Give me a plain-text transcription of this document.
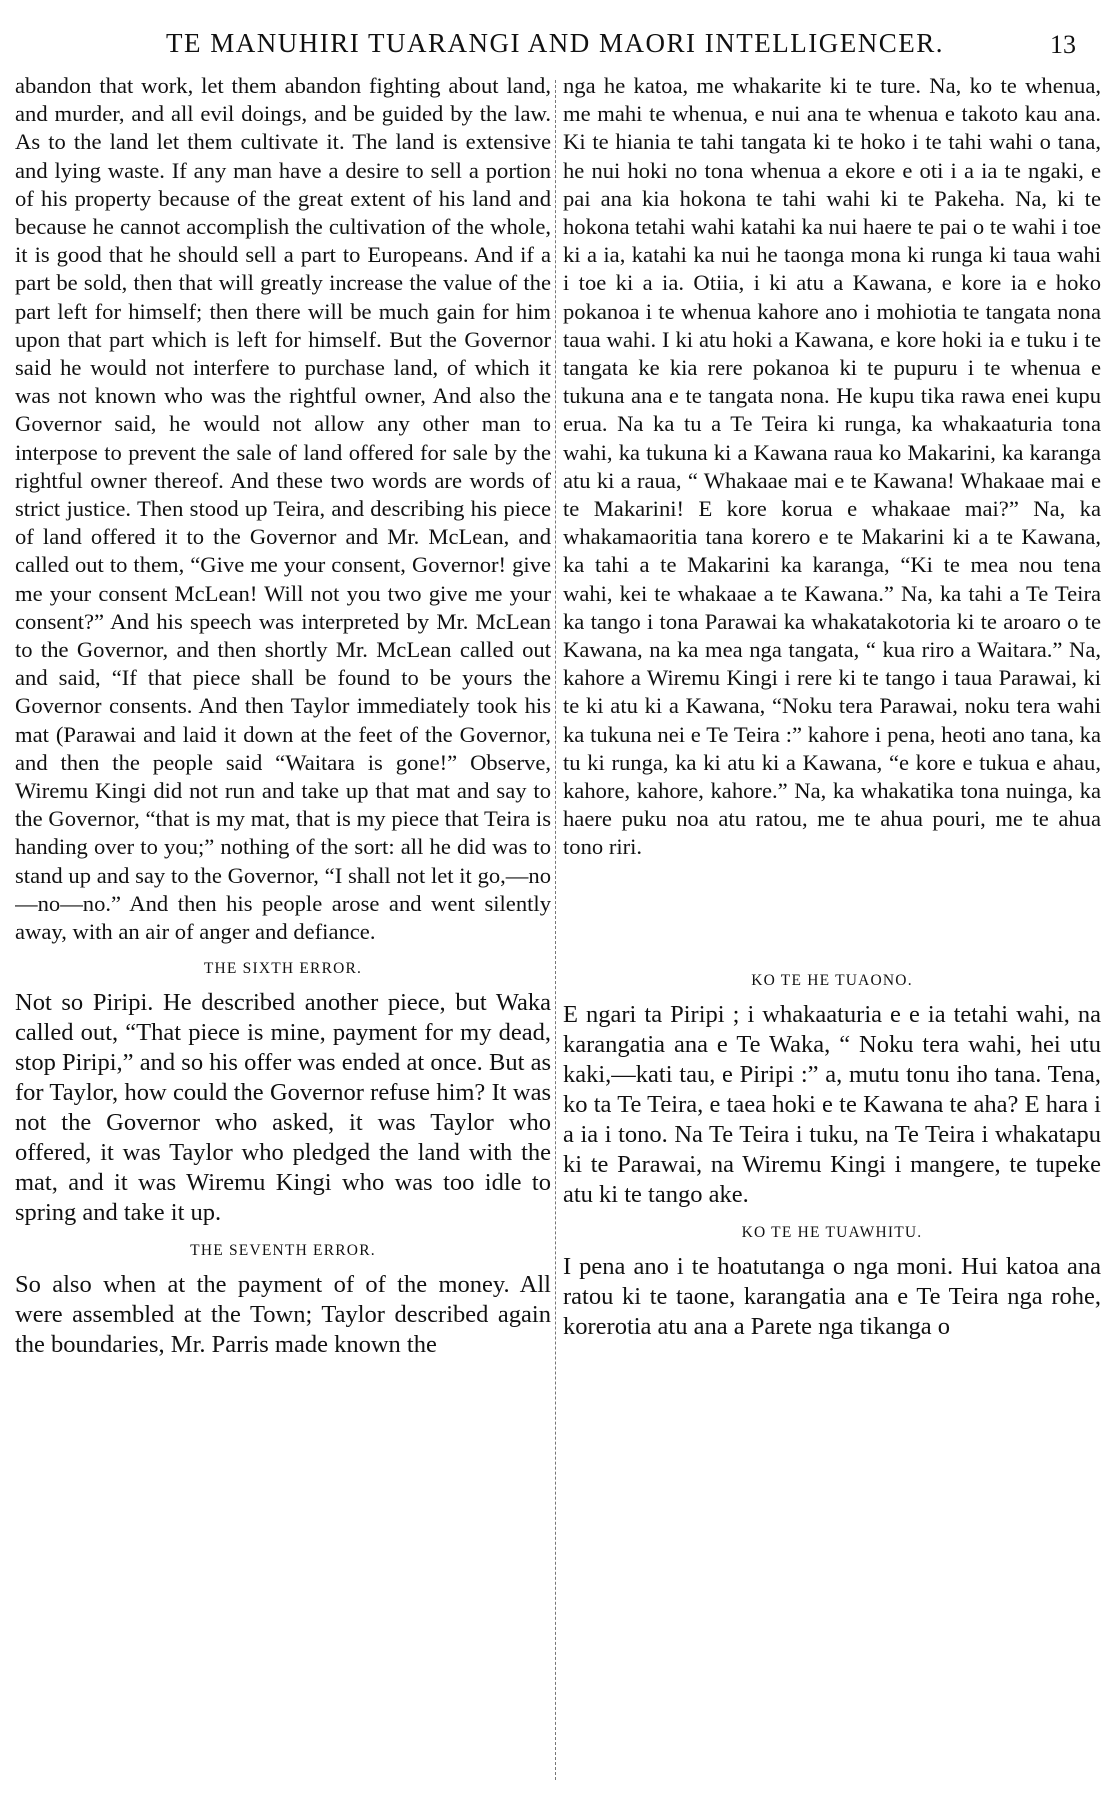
TE MANUHIRI TUARANGI AND MAORI INTELLIGENCER.	13

abandon that work, let them abandon fighting about land, and murder, and all evil doings, and be guided by the law. As to the land let them cultivate it. The land is extensive and lying waste. If any man have a desire to sell a portion of his property because of the great extent of his land and because he cannot accomplish the cultivation of the whole, it is good that he should sell a part to Europeans. And if a part be sold, then that will greatly increase the value of the part left for himself; then there will be much gain for him upon that part which is left for himself. But the Governor said he would not interfere to purchase land, of which it was not known who was the rightful owner, And also the Governor said, he would not allow any other man to interpose to prevent the sale of land offered for sale by the rightful owner thereof. And these two words are words of strict justice. Then stood up Teira, and describing his piece of land offered it to the Governor and Mr. McLean, and called out to them, “Give me your consent, Governor! give me your consent McLean! Will not you two give me your consent?” And his speech was interpreted by Mr. McLean to the Governor, and then shortly Mr. McLean called out and said, “If that piece shall be found to be yours the Governor consents. And then Taylor immediately took his mat (Parawai and laid it down at the feet of the Governor, and then the people said “Waitara is gone!” Observe, Wiremu Kingi did not run and take up that mat and say to the Governor, “that is my mat, that is my piece that Teira is handing over to you;” nothing of the sort: all he did was to stand up and say to the Governor, “I shall not let it go,—no—no—no.” And then his people arose and went silently away, with an air of anger and defiance.

THE SIXTH ERROR.

Not so Piripi. He described another piece, but Waka called out, “That piece is mine, payment for my dead, stop Piripi,” and so his offer was ended at once. But as for Taylor, how could the Governor refuse him? It was not the Governor who asked, it was Taylor who offered, it was Taylor who pledged the land with the mat, and it was Wiremu Kingi who was too idle to spring and take it up.

THE SEVENTH ERROR.

So also when at the payment of of the money. All were assembled at the Town; Taylor described again the boundaries, Mr. Parris made known the

nga he katoa, me whakarite ki te ture. Na, ko te whenua, me mahi te whenua, e nui ana te whenua e takoto kau ana. Ki te hiania te tahi tangata ki te hoko i te tahi wahi o tana, he nui hoki no tona whenua a ekore e oti i a ia te ngaki, e pai ana kia hokona te tahi wahi ki te Pakeha. Na, ki te hokona tetahi wahi katahi ka nui haere te pai o te wahi i toe ki a ia, katahi ka nui he taonga mona ki runga ki taua wahi i toe ki a ia. Otiia, i ki atu a Kawana, e kore ia e hoko pokanoa i te whenua kahore ano i mohiotia te tangata nona taua wahi. I ki atu hoki a Kawana, e kore hoki ia e tuku i te tangata ke kia rere pokanoa ki te pupuru i te whenua e tukuna ana e te tangata nona. He kupu tika rawa enei kupu erua. Na ka tu a Te Teira ki runga, ka whakaaturia tona wahi, ka tukuna ki a Kawana raua ko Makarini, ka karanga atu ki a raua, “ Whakaae mai e te Kawana! Whakaae mai e te Makarini! E kore korua e whakaae mai?” Na, ka whakamaoritia tana korero e te Makarini ki a te Kawana, ka tahi a te Makarini ka karanga, “Ki te mea nou tena wahi, kei te whakaae a te Kawana.” Na, ka tahi a Te Teira ka tango i tona Parawai ka whakatakotoria ki te aroaro o te Kawana, na ka mea nga tangata, “ kua riro a Waitara.” Na, kahore a Wiremu Kingi i rere ki te tango i taua Parawai, ki te ki atu ki a Kawana, “Noku tera Parawai, noku tera wahi ka tukuna nei e Te Teira :” kahore i pena, heoti ano tana, ka tu ki runga, ka ki atu ki a Kawana, “e kore e tukua e ahau, kahore, kahore, kahore.” Na, ka whakatika tona nuinga, ka haere puku noa atu ratou, me te ahua pouri, me te ahua tono riri.

KO TE HE TUAONO.

E ngari ta Piripi ; i whakaaturia e e ia tetahi wahi, na karangatia ana e Te Waka, “ Noku tera wahi, hei utu kaki,—kati tau, e Piripi :” a, mutu tonu iho tana. Tena, ko ta Te Teira, e taea hoki e te Kawana te aha? E hara i a ia i tono. Na Te Teira i tuku, na Te Teira i whakatapu ki te Parawai, na Wiremu Kingi i mangere, te tupeke atu ki te tango ake.

KO TE HE TUAWHITU.

I pena ano i te hoatutanga o nga moni. Hui katoa ana ratou ki te taone, karangatia ana e Te Teira nga rohe, korerotia atu ana a Parete nga tikanga o
